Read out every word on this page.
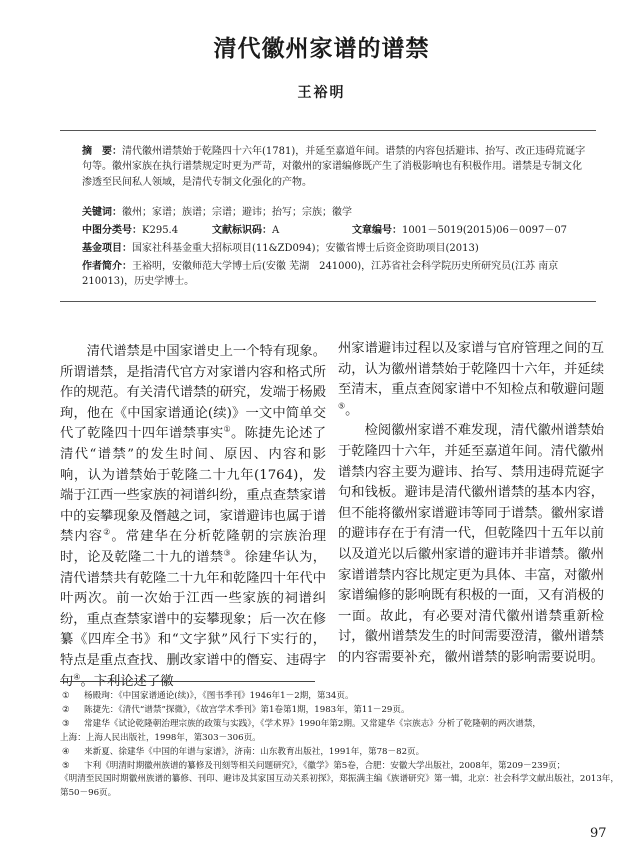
清代徽州家谱的谱禁
王裕明

摘　要：清代徽州谱禁始于乾隆四十六年(1781)，并延至嘉道年间。谱禁的内容包括避讳、抬写、改正违碍荒诞字句等。徽州家族在执行谱禁规定时更为严苛，对徽州的家谱编修既产生了消极影响也有积极作用。谱禁是专制文化渗透至民间私人领域，是清代专制文化强化的产物。

关键词：徽州；家谱；族谱；宗谱；避讳；抬写；宗族；徽学
中图分类号：K295.4	文献标识码：A	文章编号：1001－5019(2015)06－0097－07
基金项目：国家社科基金重大招标项目(11&ZD094)；安徽省博士后资金资助项目(2013)
作者简介：王裕明，安徽师范大学博士后(安徽 芜湖　241000)，江苏省社会科学院历史所研究员(江苏 南京　210013)，历史学博士。

清代谱禁是中国家谱史上一个特有现象。所谓谱禁，是指清代官方对家谱内容和格式所作的规范。有关清代谱禁的研究，发端于杨殿珣，他在《中国家谱通论(续)》一文中简单交代了乾隆四十四年谱禁事实①。陈捷先论述了清代“谱禁”的发生时间、原因、内容和影响，认为谱禁始于乾隆二十九年(1764)，发端于江西一些家族的祠谱纠纷，重点查禁家谱中的妄攀现象及僭越之词，家谱避讳也属于谱禁内容②。常建华在分析乾隆朝的宗族治理时，论及乾隆二十九的谱禁③。徐建华认为，清代谱禁共有乾隆二十九年和乾隆四十年代中叶两次。前一次始于江西一些家族的祠谱纠纷，重点查禁家谱中的妄攀现象；后一次在修纂《四库全书》和“文字狱”风行下实行的，特点是重点查找、删改家谱中的僭妄、违碍字句④。卞利论述了徽

州家谱避讳过程以及家谱与官府管理之间的互动，认为徽州谱禁始于乾隆四十六年，并延续至清末，重点查阅家谱中不知检点和敬避问题⑤。

检阅徽州家谱不难发现，清代徽州谱禁始于乾隆四十六年，并延至嘉道年间。清代徽州谱禁内容主要为避讳、抬写、禁用违碍荒诞字句和钱板。避讳是清代徽州谱禁的基本内容，但不能将徽州家谱避讳等同于谱禁。徽州家谱的避讳存在于有清一代，但乾隆四十五年以前以及道光以后徽州家谱的避讳并非谱禁。徽州家谱谱禁内容比规定更为具体、丰富，对徽州家谱编修的影响既有积极的一面，又有消极的一面。故此，有必要对清代徽州谱禁重新检讨，徽州谱禁发生的时间需要澄清，徽州谱禁的内容需要补充，徽州谱禁的影响需要说明。

① 杨殿珣：《中国家谱通论(续)》，《图书季刊》1946年1－2期，第34页。

② 陈捷先：《清代“谱禁”探微》，《故宫学术季刊》第1卷第1期，1983年，第11－29页。

③ 常建华《试论乾隆朝治理宗族的政策与实践》，《学术界》1990年第2期。又常建华《宗族志》分析了乾隆朝的两次谱禁，

上海：上海人民出版社，1998年，第303－306页。

④ 来新夏、徐建华《中国的年谱与家谱》，济南：山东教育出版社，1991年，第78－82页。

⑤ 卞利《明清时期徽州族谱的纂修及刊刻等相关问题研究》，《徽学》第5卷，合肥：安徽大学出版社，2008年，第209－239页；

《明清至民国时期徽州族谱的纂修、刊印、避讳及其家国互动关系初探》，郑振满主编《族谱研究》第一辑，北京：社会科学文献出版社，2013年，第50－96页。

97
